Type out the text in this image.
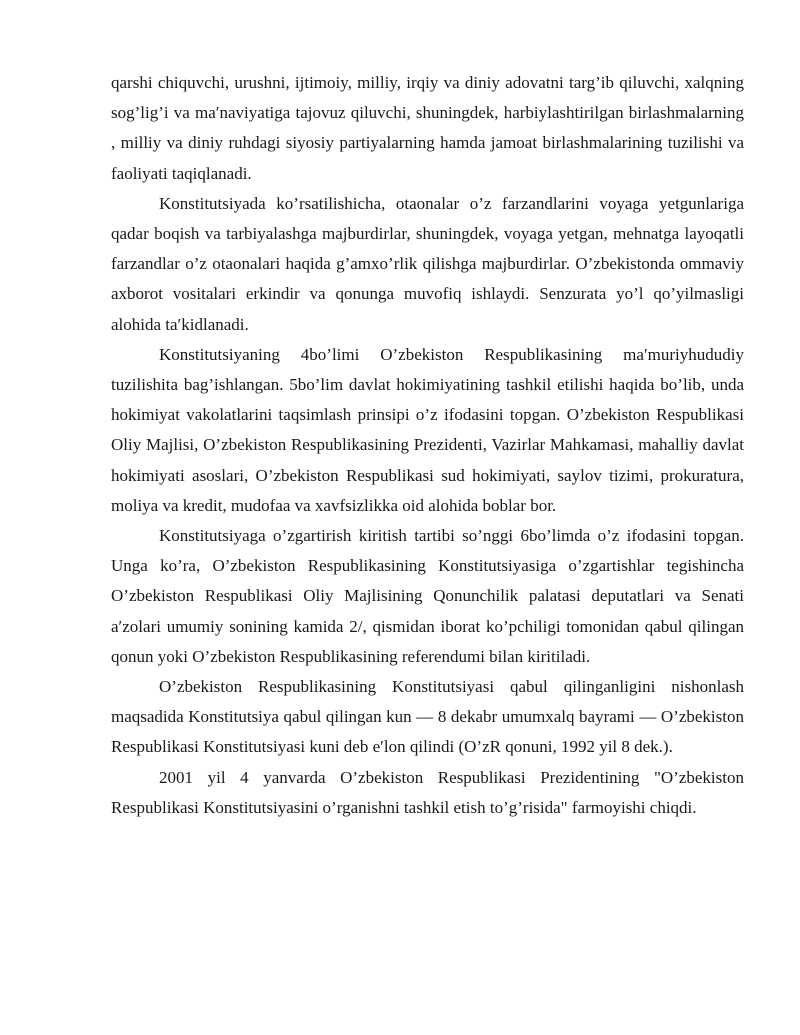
qarshi chiquvchi, urushni, ijtimoiy, milliy, irqiy va diniy adovatni targ’ib qiluvchi, xalqning sog’lig’i va maʹnaviyatiga tajovuz qiluvchi, shuningdek, harbiylashtirilgan birlashmalarning , milliy va diniy ruhdagi siyosiy partiyalarning hamda jamoat birlashmalarining tuzilishi va faoliyati taqiqlanadi.

Konstitutsiyada ko’rsatilishicha, otaonalar o’z farzandlarini voyaga yetgunlariga qadar boqish va tarbiyalashga majburdirlar, shuningdek, voyaga yetgan, mehnatga layoqatli farzandlar o’z otaonalari haqida g’amxo’rlik qilishga majburdirlar. O’zbekistonda ommaviy axborot vositalari erkindir va qonunga muvofiq ishlaydi. Senzurata yo’l qo’yilmasligi alohida taʹkidlanadi.

Konstitutsiyaning 4bo’limi O’zbekiston Respublikasining maʹmuriyhududiy tuzilishita bag’ishlangan. 5bo’lim davlat hokimiyatining tashkil etilishi haqida bo’lib, unda hokimiyat vakolatlarini taqsimlash prinsipi o’z ifodasini topgan. O’zbekiston Respublikasi Oliy Majlisi, O’zbekiston Respublikasining Prezidenti, Vazirlar Mahkamasi, mahalliy davlat hokimiyati asoslari, O’zbekiston Respublikasi sud hokimiyati, saylov tizimi, prokuratura, moliya va kredit, mudofaa va xavfsizlikka oid alohida boblar bor.

Konstitutsiyaga o’zgartirish kiritish tartibi so’nggi 6bo’limda o’z ifodasini topgan. Unga ko’ra, O’zbekiston Respublikasining Konstitutsiyasiga o’zgartishlar tegishincha O’zbekiston Respublikasi Oliy Majlisining Qonunchilik palatasi deputatlari va Senati aʹzolari umumiy sonining kamida 2/, qismidan iborat ko’pchiligi tomonidan qabul qilingan qonun yoki O’zbekiston Respublikasining referendumi bilan kiritiladi.

O’zbekiston Respublikasining Konstitutsiyasi qabul qilinganligini nishonlash maqsadida Konstitutsiya qabul qilingan kun — 8 dekabr umumxalq bayrami — O’zbekiston Respublikasi Konstitutsiyasi kuni deb eʹlon qilindi (O’zR qonuni, 1992 yil 8 dek.).

2001 yil 4 yanvarda O’zbekiston Respublikasi Prezidentining "O’zbekiston Respublikasi Konstitutsiyasini o’rganishni tashkil etish to’g’risida" farmoyishi chiqdi.
